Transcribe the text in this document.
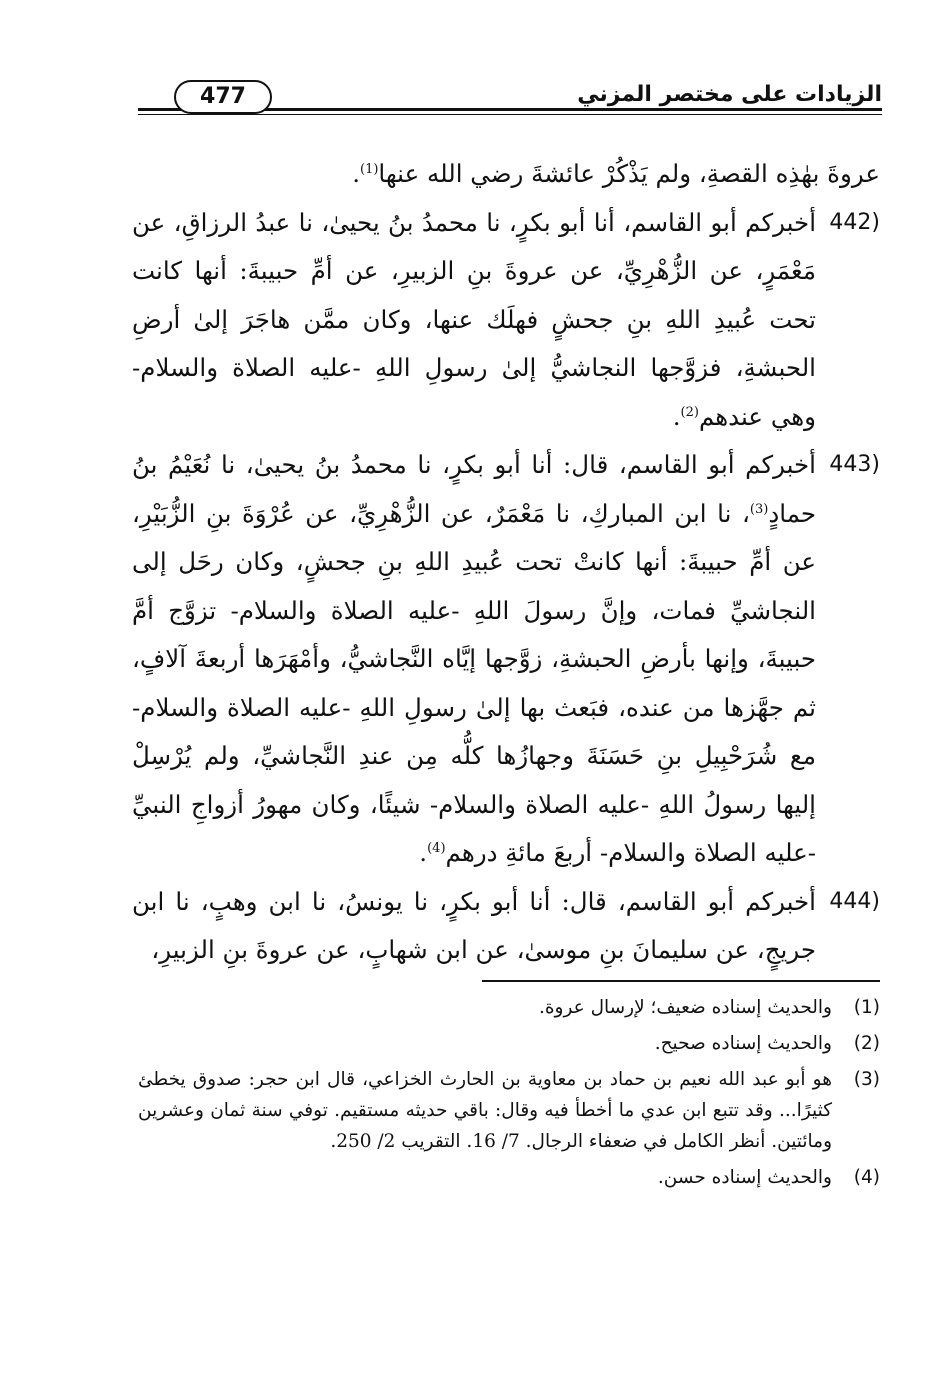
477	الزيادات على مختصر المزني

عروةَ بهٰذِه القصةِ، ولم يَذْكُرْ عائشةَ رضي الله عنها$^{(1)}$.

442)
أخبركم أبو القاسم، أنا أبو بكرٍ، نا محمدُ بنُ يحيىٰ، نا عبدُ الرزاقِ، عن مَعْمَرٍ، عن الزُّهْرِيِّ، عن عروةَ بنِ الزبيرِ، عن أمِّ حبيبةَ: أنها كانت تحت عُبيدِ اللهِ بنِ جحشٍ فهلَك عنها، وكان ممَّن هاجَرَ إلىٰ أرضِ الحبشةِ، فزوَّجها النجاشيُّ إلىٰ رسولِ اللهِ -عليه الصلاة والسلام- وهي عندهم$^{(2)}$.

443)
أخبركم أبو القاسم، قال: أنا أبو بكرٍ، نا محمدُ بنُ يحيىٰ، نا نُعَيْمُ بنُ حمادٍ$^{(3)}$، نا ابن المباركِ، نا مَعْمَرٌ، عن الزُّهْرِيِّ، عن عُرْوَةَ بنِ الزُّبَيْرِ، عن أمِّ حبيبةَ: أنها كانتْ تحت عُبيدِ اللهِ بنِ جحشٍ، وكان رحَل إلى النجاشيِّ فمات، وإنَّ رسولَ اللهِ -عليه الصلاة والسلام- تزوَّج أمَّ حبيبةَ، وإنها بأرضِ الحبشةِ، زوَّجها إيَّاه النَّجاشيُّ، وأمْهَرَها أربعةَ آلافٍ، ثم جهَّزها من عنده، فبَعث بها إلىٰ رسولِ اللهِ -عليه الصلاة والسلام- مع شُرَحْبِيلِ بنِ حَسَنَةَ وجهازُها كلُّه مِن عندِ النَّجاشيِّ، ولم يُرْسِلْ إليها رسولُ اللهِ -عليه الصلاة والسلام- شيئًا، وكان مهورُ أزواجِ النبيِّ -عليه الصلاة والسلام- أربعَ مائةِ درهم$^{(4)}$.

444)
أخبركم أبو القاسم، قال: أنا أبو بكرٍ، نا يونسُ، نا ابن وهبٍ، نا ابن جريجٍ، عن سليمانَ بنِ موسىٰ، عن ابن شهابٍ، عن عروةَ بنِ الزبيرِ،

(1)
والحديث إسناده ضعيف؛ لإرسال عروة.

(2)
والحديث إسناده صحيح.

(3)
هو أبو عبد الله نعيم بن حماد بن معاوية بن الحارث الخزاعي، قال ابن حجر: صدوق يخطئ كثيرًا... وقد تتبع ابن عدي ما أخطأ فيه وقال: باقي حديثه مستقيم. توفي سنة ثمان وعشرين ومائتين. أنظر الكامل في ضعفاء الرجال. 7/ 16. التقريب 2/ 250.

(4)
والحديث إسناده حسن.
